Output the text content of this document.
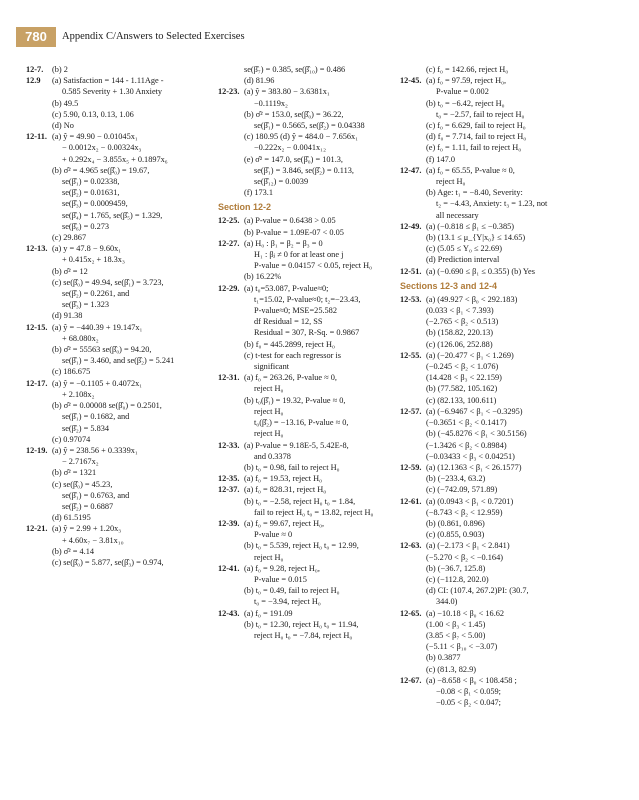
780	Appendix C/Answers to Selected Exercises
12-7. (b) 2
12.9 (a) Satisfaction = 144 - 1.11Age -
0.585 Severity + 1.30 Anxiety
(b) 49.5
(c) 5.90, 0.13, 0.13, 1.06
(d) No
12-11. (a) ŷ = 49.90 − 0.01045x₁
− 0.0012x₂ − 0.00324x₃
+ 0.292x₄ − 3.855x₅ + 0.1897x₆
(b) σ̂² = 4.965 se(β̂₀) = 19.67,
se(β̂₁) = 0.02338,
se(β̂₂) = 0.01631,
se(β̂₃) = 0.0009459,
se(β̂₄) = 1.765, se(β̂₅) = 1.329,
se(β̂₆) = 0.273
(c) 29.867
12-13. (a) y = 47.8 − 9.60x₁
+ 0.415x₂ + 18.3x₃
(b) σ̂² = 12
(c) se(β̂₀) = 49.94, se(β̂₁) = 3.723,
se(β̂₂) = 0.2261, and
se(β̂₃) = 1.323
(d) 91.38
12-15. (a) ŷ = −440.39 + 19.147x₁
+ 68.080x₂
(b) σ̂² = 55563 se(β̂₀) = 94.20,
se(β̂₁) = 3.460, and se(β̂₂) = 5.241
(c) 186.675
12-17. (a) ŷ = −0.1105 + 0.4072x₁
+ 2.108x₂
(b) σ̂² = 0.00008 se(β̂₀) = 0.2501,
se(β̂₁) = 0.1682, and
se(β̂₂) = 5.834
(c) 0.97074
12-19. (a) ŷ = 238.56 + 0.3339x₁
− 2.7167x₂
(b) σ̂² = 1321
(c) se(β̂₀) = 45.23,
se(β̂₁) = 0.6763, and
se(β̂₂) = 0.6887
(d) 61.5195
12-21. (a) ŷ = 2.99 + 1.20x₃
+ 4.60x₇ − 3.81x₁₀
(b) σ̂² = 4.14
(c) se(β̂₀) = 5.877, se(β̂₃) = 0.974,
se(β̂₇) = 0.385, se(β̂₁₀) = 0.486
(d) 81.96
12-23. (a) ŷ = 383.80 − 3.6381x₁
−0.1119x₂
(b) σ̂² = 153.0, se(β̂₀) = 36.22,
se(β̂₁) = 0.5665, se(β̂₂) = 0.04338
(c) 180.95 (d) ŷ = 484.0 − 7.656x₁
−0.222x₂ − 0.0041x₁₂
(e) σ̂² = 147.0, se(β̂₀) = 101.3,
se(β̂₁) = 3.846, se(β̂₂) = 0.113,
se(β̂₁₂) = 0.0039
(f) 173.1
Section 12-2
12-25. (a) P-value = 0.6438 > 0.05
(b) P-value = 1.09E-07 < 0.05
12-27. (a) H₀ : β₁ = β₂ = β₃ = 0
H₁ : βⱼ ≠ 0 for at least one j
P-value = 0.04157 < 0.05, reject H₀
(b) 16.22%
12-29. (a) t₀=53.087, P-value≈0;
t₁=15.02, P-value≈0; t₂=−23.43,
P-value≈0; MSE=25.582
df Residual = 12, SS
Residual = 307, R-Sq. = 0.9867
(b) f₀ = 445.2899, reject H₀
(c) t-test for each regressor is
significant
12-31. (a) f₀ = 263.26, P-value ≈ 0,
reject H₀
(b) t₀(β̂₁) = 19.32, P-value ≈ 0,
reject H₀
t₀(β̂₂) = −13.16, P-value ≈ 0,
reject H₀
12-33. (a) P-value = 9.18E-5, 5.42E-8,
and 0.3378
(b) t₀ = 0.98, fail to reject H₀
12-35. (a) f₀ = 19.53, reject H₀
12-37. (a) f₀ = 828.31, reject H₀
(b) t₀ = −2.58, reject H₀ t₀ = 1.84,
fail to reject H₀ t₀ = 13.82, reject H₀
12-39. (a) f₀ = 99.67, reject H₀,
P-value ≈ 0
(b) t₀ = 5.539, reject H₀ t₀ = 12.99,
reject H₀
12-41. (a) f₀ = 9.28, reject H₀,
P-value = 0.015
(b) t₀ = 0.49, fail to reject H₀
t₀ = −3.94, reject H₀
12-43. (a) f₀ = 191.09
(b) t₀ = 12.30, reject H₀ t₀ = 11.94,
reject H₀ t₀ = −7.84, reject H₀
(c) f₀ = 142.66, reject H₀
12-45. (a) f₀ = 97.59, reject H₀,
P-value = 0.002
(b) t₀ = −6.42, reject H₀
t₀ = −2.57, fail to reject H₀
(c) f₀ = 6.629, fail to reject H₀
(d) f₀ = 7.714, fail to reject H₀
(e) f₀ = 1.11, fail to reject H₀
(f) 147.0
12-47. (a) f₀ = 65.55, P-value ≈ 0,
reject H₀
(b) Age: t₁ = −8.40, Severity:
t₂ = −4.43, Anxiety: t₃ = 1.23, not
all necessary
12-49. (a) (−0.818 ≤ β₁ ≤ −0.385)
(b) (13.1 ≤ μ_{Y|x₀} ≤ 14.65)
(c) (5.05 ≤ Y₀ ≤ 22.69)
(d) Prediction interval
12-51. (a) (−0.690 ≤ β₁ ≤ 0.355) (b) Yes
Sections 12-3 and 12-4
12-53. (a) (49.927 < β₀ < 292.183)
(0.033 < β₁ < 7.393)
(−2.765 < β₂ < 0.513)
(b) (158.82, 220.13)
(c) (126.06, 252.88)
12-55. (a) (−20.477 < β₁ < 1.269)
(−0.245 < β₂ < 1.076)
(14.428 < β₃ < 22.159)
(b) (77.582, 105.162)
(c) (82.133, 100.611)
12-57. (a) (−6.9467 < β₁ < −0.3295)
(−0.3651 < β₂ < 0.1417)
(b) (−45.8276 < β₁ < 30.5156)
(−1.3426 < β₂ < 0.8984)
(−0.03433 < β₃ < 0.04251)
12-59. (a) (12.1363 < β₁ < 26.1577)
(b) (−233.4, 63.2)
(c) (−742.09, 571.89)
12-61. (a) (0.0943 < β₁ < 0.7201)
(−8.743 < β₂ < 12.959)
(b) (0.861, 0.896)
(c) (0.855, 0.903)
12-63. (a) (−2.173 < β₁ < 2.841)
(−5.270 < β₂ < −0.164)
(b) (−36.7, 125.8)
(c) (−112.8, 202.0)
(d) CI: (107.4, 267.2)PI: (30.7,
344.0)
12-65. (a) −10.18 < β₀ < 16.62
(1.00 < β₃ < 1.45)
(3.85 < β₇ < 5.00)
(−5.11 < β₁₀ < −3.07)
(b) 0.3877
(c) (81.3, 82.9)
12-67. (a) −8.658 < β₀ < 108.458 ;
−0.08 < β₁ < 0.059;
−0.05 < β₂ < 0.047;
